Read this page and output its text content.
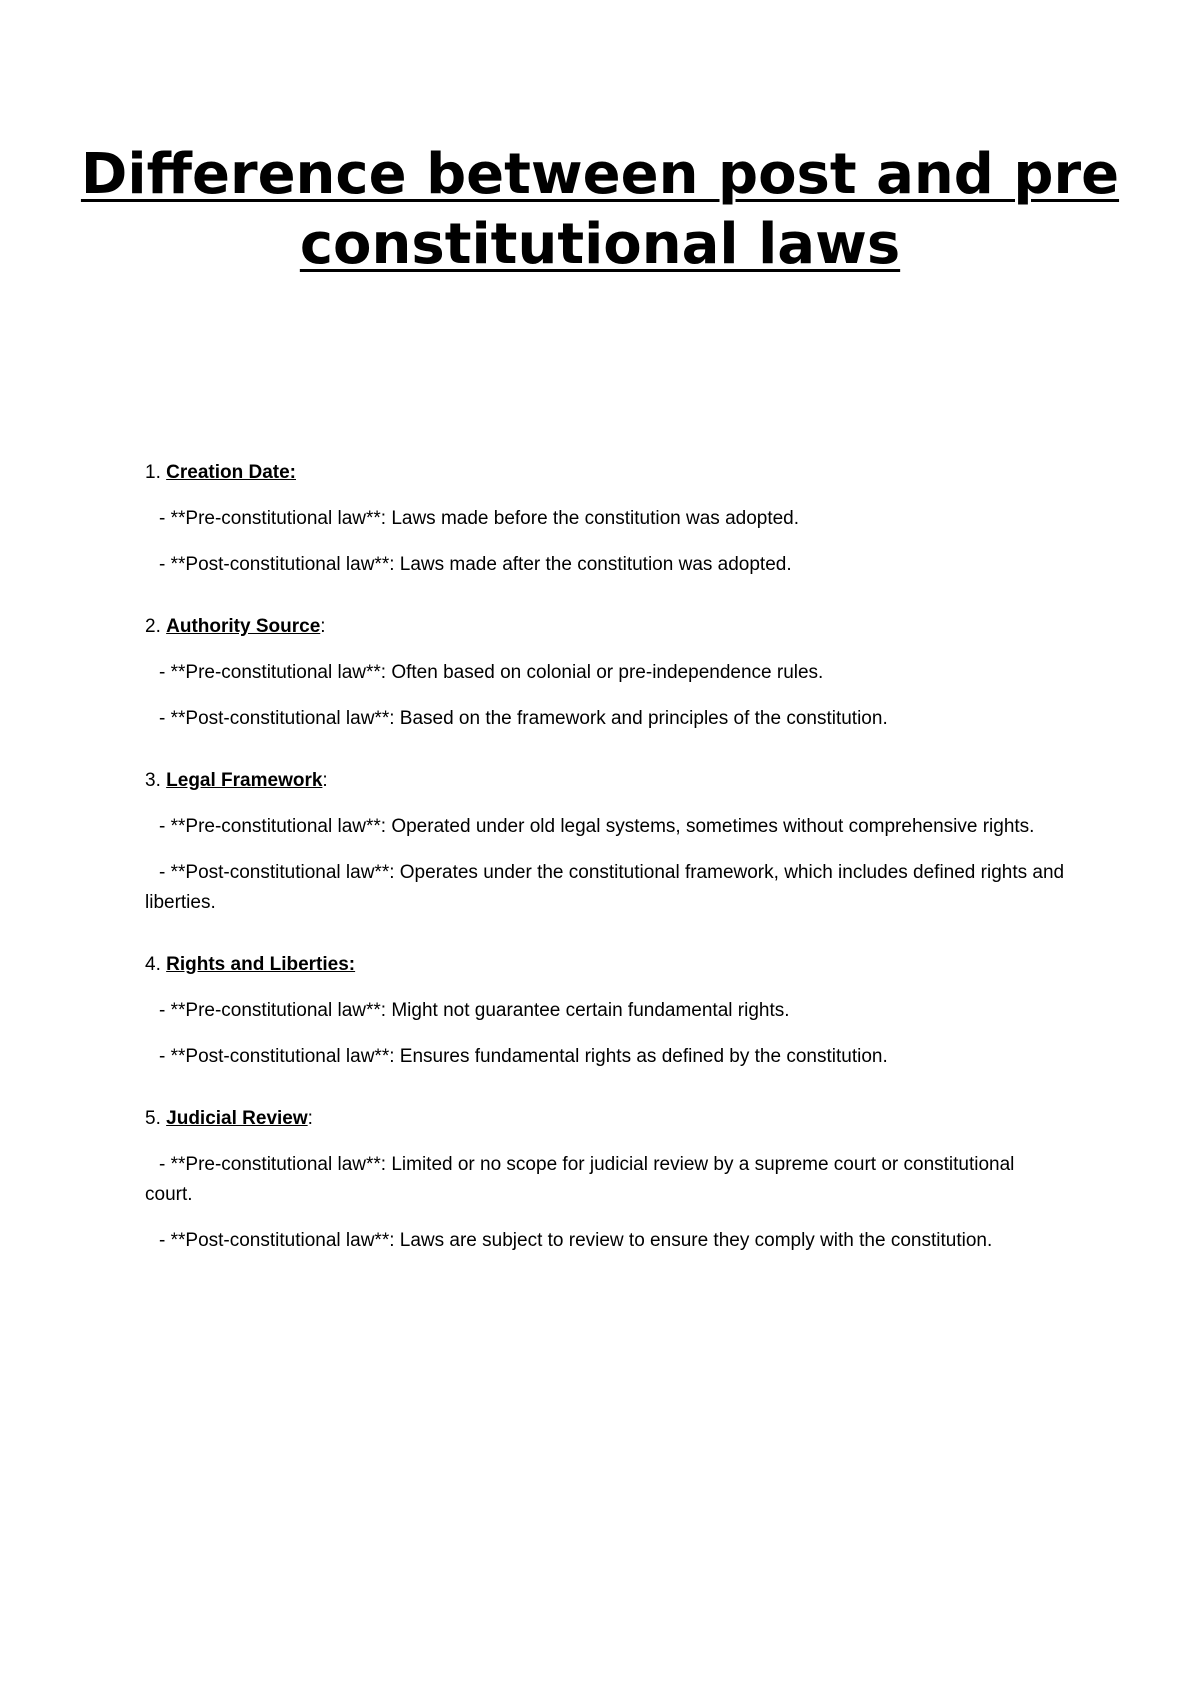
Difference between post and pre constitutional laws

1. Creation Date:

- **Pre-constitutional law**: Laws made before the constitution was adopted.

- **Post-constitutional law**: Laws made after the constitution was adopted.

2. Authority Source:

- **Pre-constitutional law**: Often based on colonial or pre-independence rules.

- **Post-constitutional law**: Based on the framework and principles of the constitution.

3. Legal Framework:

- **Pre-constitutional law**: Operated under old legal systems, sometimes without comprehensive rights.

- **Post-constitutional law**: Operates under the constitutional framework, which includes defined rights and liberties.

4. Rights and Liberties:

- **Pre-constitutional law**: Might not guarantee certain fundamental rights.

- **Post-constitutional law**: Ensures fundamental rights as defined by the constitution.

5. Judicial Review:

- **Pre-constitutional law**: Limited or no scope for judicial review by a supreme court or constitutional court.

- **Post-constitutional law**: Laws are subject to review to ensure they comply with the constitution.
